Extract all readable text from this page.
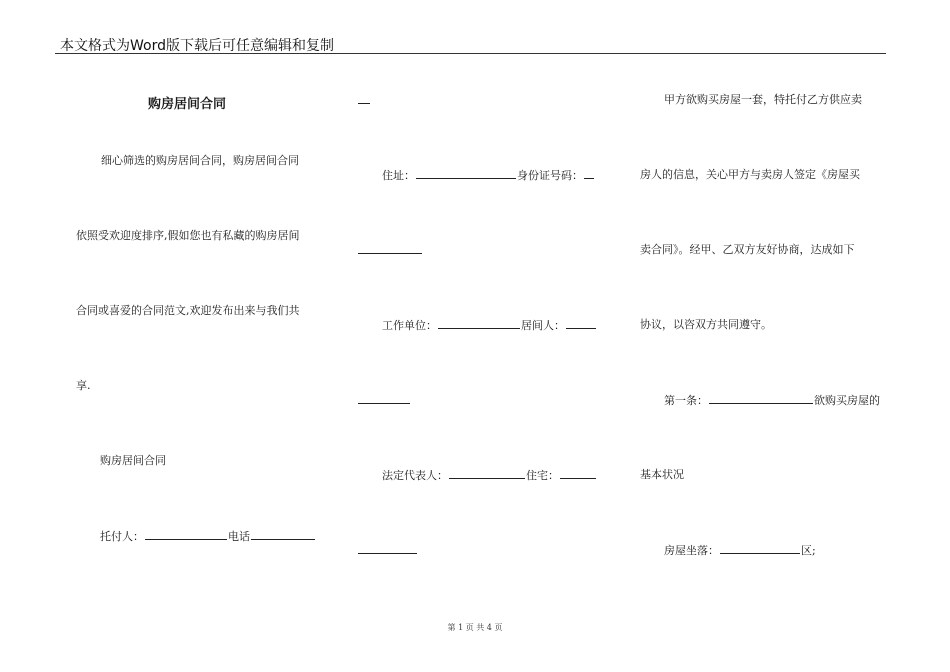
本文格式为Word版下载后可任意编辑和复制
购房居间合同
细心筛选的购房居间合同，购房居间合同
依照受欢迎度排序,假如您也有私藏的购房居间
合同或喜爱的合同范文,欢迎发布出来与我们共
享.
购房居间合同
托付人：	电话
住址：	身份证号码：
工作单位：	居间人：
法定代表人：	住宅：
甲方欲购买房屋一套，特托付乙方供应卖
房人的信息，关心甲方与卖房人签定《房屋买
卖合同》。经甲、乙双方友好协商，达成如下
协议，以咨双方共同遵守。
第一条：	欲购买房屋的
基本状况
房屋坐落：	区;
第 1 页 共 4 页
